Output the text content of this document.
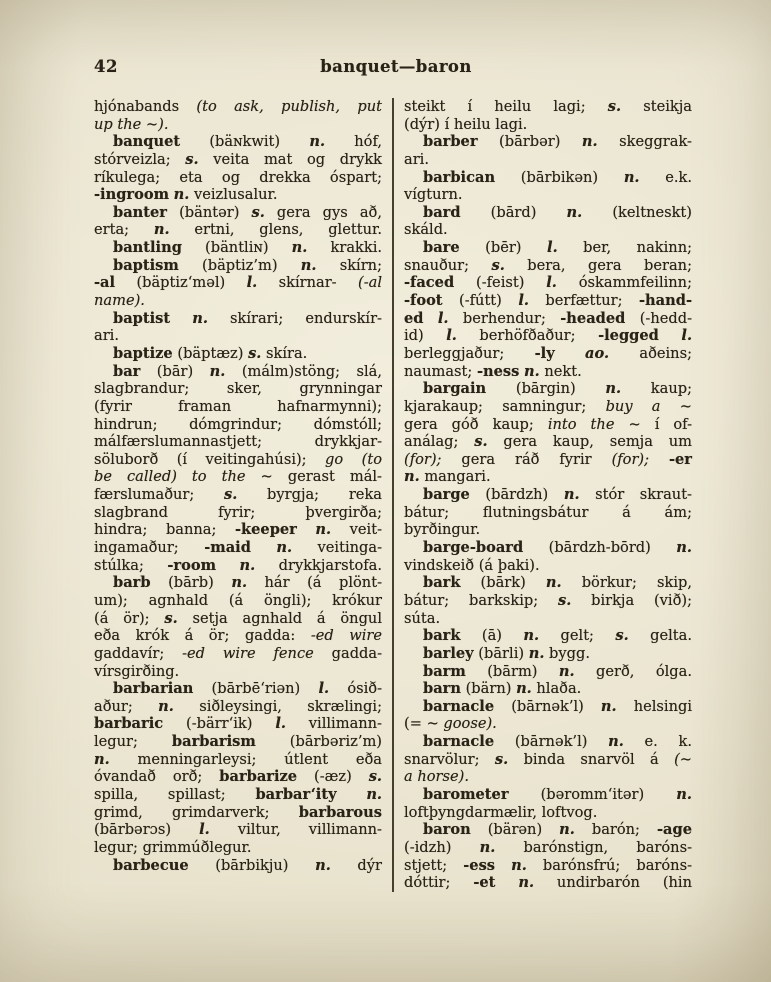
42	banquet—baron
hjónabands (to ask, publish, put
up the ~).
banquet (bäɴkwit) n. hóf,
stórveizla; s. veita mat og drykk
ríkulega; eta og drekka óspart;
-ingroom n. veizlusalur.
banter (bäntər) s. gera gys að,
erta; n. ertni, glens, glettur.
bantling (bäntliɴ) n. krakki.
baptism (bäptiz’m) n. skírn;
-al (bäptiz‘məl) l. skírnar- (-al
name).
baptist n. skírari; endurskír-
ari.
baptize (bäptæz) s. skíra.
bar (bār) n. (málm)stöng; slá,
slagbrandur; sker, grynningar
(fyrir framan hafnarmynni);
hindrun; dómgrindur; dómstóll;
málfærslumannastjett; drykkjar-
söluborð (í veitingahúsi); go (to
be called) to the ~ gerast mál-
færslumaður; s. byrgja; reka
slagbrand fyrir; þvergirða;
hindra; banna; -keeper n. veit-
ingamaður; -maid n. veitinga-
stúlka; -room n. drykkjarstofa.
barb (bārb) n. hár (á plönt-
um); agnhald (á öngli); krókur
(á ör); s. setja agnhald á öngul
eða krók á ör; gadda: -ed wire
gaddavír; -ed wire fence gadda-
vírsgirðing.
barbarian (bārbē‘riən) l. ósið-
aður; n. siðleysingi, skrælingi;
barbaric (-bärr‘ik) l. villimann-
legur; barbarism (bārbəriz’m)
n. menningarleysi; útlent eða
óvandað orð; barbarize (-æz) s.
spilla, spillast; barbar‘ity n.
grimd, grimdarverk; barbarous
(bārbərɔs) l. viltur, villimann-
legur; grimmúðlegur.
barbecue (bārbikju) n. dýr
steikt í heilu lagi; s. steikja
(dýr) í heilu lagi.
barber (bārbər) n. skeggrak-
ari.
barbican (bārbikən) n. e.k.
vígturn.
bard (bārd) n. (keltneskt)
skáld.
bare (bēr) l. ber, nakinn;
snauður; s. bera, gera beran;
-faced (-feist) l. óskammfeilinn;
-foot (-fútt) l. berfættur; -hand-
ed l. berhendur; -headed (-hedd-
id) l. berhöfðaður; -legged l.
berleggjaður; -ly ao. aðeins;
naumast; -ness n. nekt.
bargain (bārgin) n. kaup;
kjarakaup; samningur; buy a ~
gera góð kaup; into the ~ í of-
análag; s. gera kaup, semja um
(for); gera ráð fyrir (for); -er
n. mangari.
barge (bārdzh) n. stór skraut-
bátur; flutningsbátur á ám;
byrðingur.
barge-board (bārdzh-bōrd) n.
vindskeið (á þaki).
bark (bārk) n. börkur; skip,
bátur; barkskip; s. birkja (við);
súta.
bark (ā) n. gelt; s. gelta.
barley (bārli) n. bygg.
barm (bārm) n. gerð, ólga.
barn (bärn) n. hlaða.
barnacle (bārnək’l) n. helsingi
(= ~ goose).
barnacle (bārnək’l) n. e. k.
snarvölur; s. binda snarvöl á (~
a horse).
barometer (bəromm‘itər) n.
loftþyngdarmælir, loftvog.
baron (bärən) n. barón; -age
(-idzh) n. barónstign, baróns-
stjett; -ess n. barónsfrú; baróns-
dóttir; -et n. undirbarón (hin
